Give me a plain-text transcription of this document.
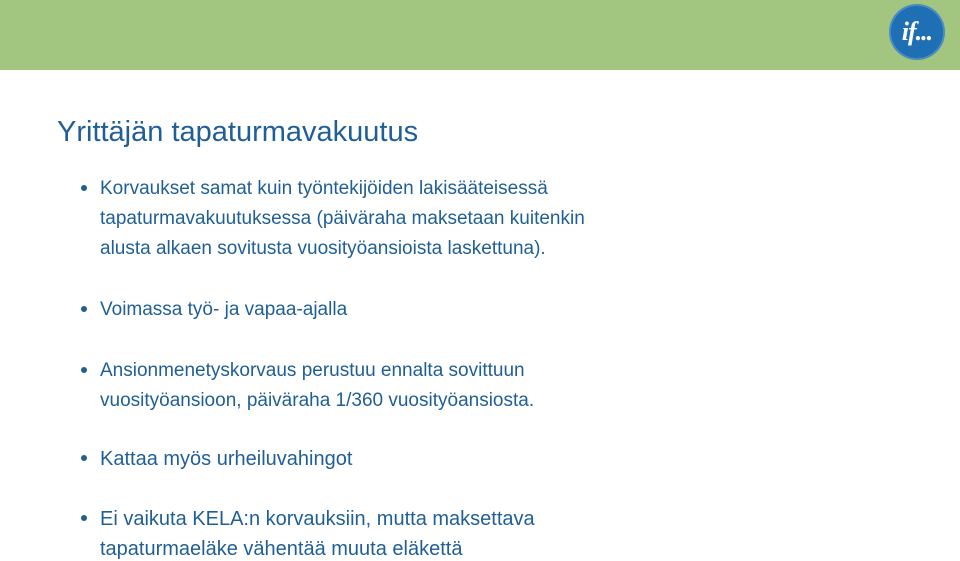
if...
Yrittäjän tapaturmavakuutus
Korvaukset samat kuin työntekijöiden lakisääteisessä
tapaturmavakuutuksessa (päiväraha maksetaan kuitenkin
alusta alkaen sovitusta vuosityöansioista laskettuna).
Voimassa työ- ja vapaa-ajalla
Ansionmenetyskorvaus perustuu ennalta sovittuun
vuosityöansioon, päiväraha 1/360 vuosityöansiosta.
Kattaa myös urheiluvahingot
Ei vaikuta KELA:n korvauksiin, mutta maksettava
tapaturmaeläke vähentää muuta eläkettä
